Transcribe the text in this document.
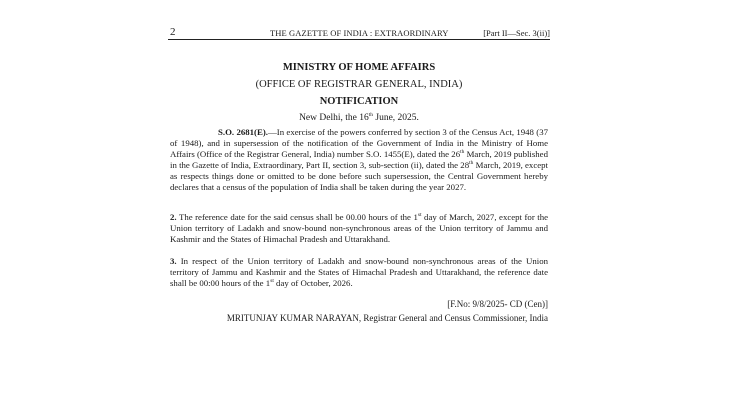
2	THE GAZETTE OF INDIA : EXTRAORDINARY	[Part II—Sec. 3(ii)]
MINISTRY OF HOME AFFAIRS
(OFFICE OF REGISTRAR GENERAL, INDIA)
NOTIFICATION
New Delhi, the 16th June, 2025.
S.O. 2681(E).—In exercise of the powers conferred by section 3 of the Census Act, 1948 (37 of 1948), and in supersession of the notification of the Government of India in the Ministry of Home Affairs (Office of the Registrar General, India) number S.O. 1455(E), dated the 26th March, 2019 published in the Gazette of India, Extraordinary, Part II, section 3, sub-section (ii), dated the 28th March, 2019, except as respects things done or omitted to be done before such supersession, the Central Government hereby declares that a census of the population of India shall be taken during the year 2027.
2. The reference date for the said census shall be 00.00 hours of the 1st day of March, 2027, except for the Union territory of Ladakh and snow-bound non-synchronous areas of the Union territory of Jammu and Kashmir and the States of Himachal Pradesh and Uttarakhand.
3. In respect of the Union territory of Ladakh and snow-bound non-synchronous areas of the Union territory of Jammu and Kashmir and the States of Himachal Pradesh and Uttarakhand, the reference date shall be 00:00 hours of the 1st day of October, 2026.
[F.No: 9/8/2025- CD (Cen)]
MRITUNJAY KUMAR NARAYAN, Registrar General and Census Commissioner, India
